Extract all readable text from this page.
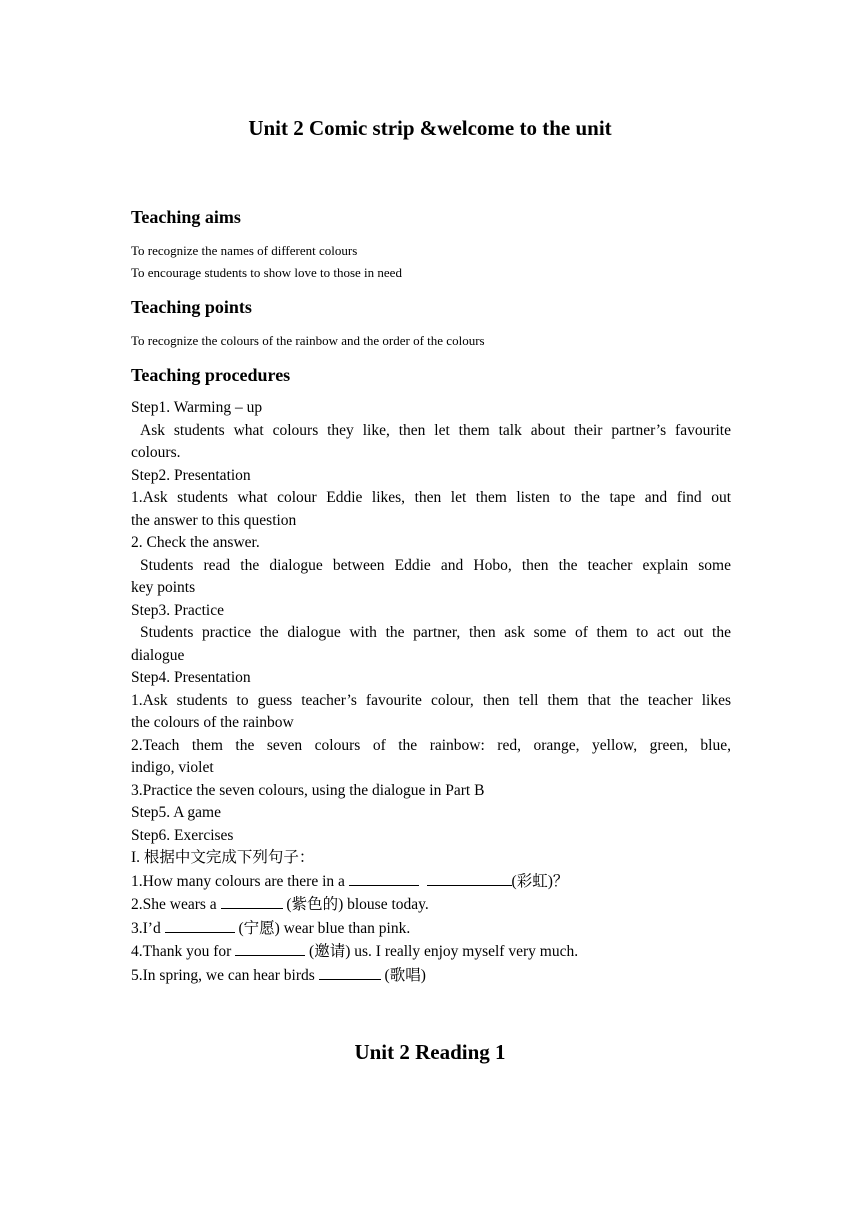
Unit 2 Comic strip &welcome to the unit
Teaching aims
To recognize the names of different colours
To encourage students to show love to those in need
Teaching points
To recognize the colours of the rainbow and the order of the colours
Teaching procedures
Step1. Warming – up
Ask students what colours they like, then let them talk about their partner’s favourite
colours.
Step2. Presentation
1.Ask students what colour Eddie likes, then let them listen to the tape and find out
the answer to this question
2. Check the answer.
Students read the dialogue between Eddie and Hobo, then the teacher explain some
key points
Step3. Practice
Students practice the dialogue with the partner, then ask some of them to act out the
dialogue
Step4. Presentation
1.Ask students to guess teacher’s favourite colour, then tell them that the teacher likes
the colours of the rainbow
2.Teach them the seven colours of the rainbow: red, orange, yellow, green, blue,
indigo, violet
3.Practice the seven colours, using the dialogue in Part B
Step5. A game
Step6. Exercises
I. 根据中文完成下列句子：
1.How many colours are there in a	(彩虹)？
2.She wears a	(紫色的) blouse today.
3.I’d	(宁愿) wear blue than pink.
4.Thank you for	(邀请) us. I really enjoy myself very much.
5.In spring, we can hear birds	(歌唱)
Unit 2 Reading 1
